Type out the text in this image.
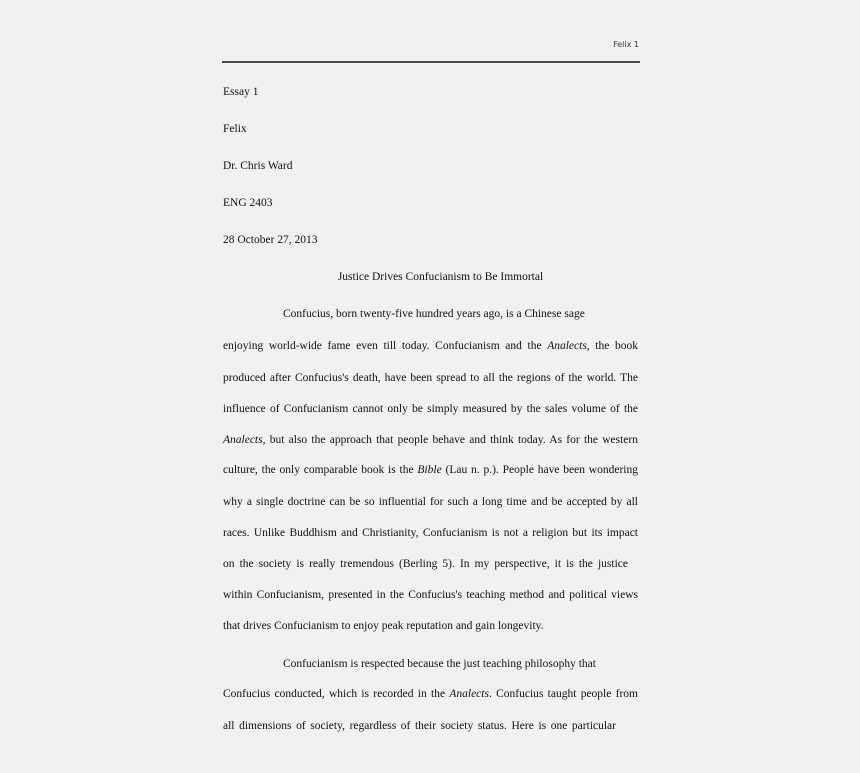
Felix 1
Essay 1
Felix
Dr. Chris Ward
ENG 2403
28 October 27, 2013
Justice Drives Confucianism to Be Immortal
Confucius, born twenty-five hundred years ago, is a Chinese sage
enjoying world-wide fame even till today. Confucianism and the Analects, the book
produced after Confucius's death, have been spread to all the regions of the world. The
influence of Confucianism cannot only be simply measured by the sales volume of the
Analects, but also the approach that people behave and think today. As for the western
culture, the only comparable book is the Bible (Lau n. p.). People have been wondering
why a single doctrine can be so influential for such a long time and be accepted by all
races. Unlike Buddhism and Christianity, Confucianism is not a religion but its impact
on the society is really tremendous (Berling 5). In my perspective, it is the justice
within Confucianism, presented in the Confucius's teaching method and political views
that drives Confucianism to enjoy peak reputation and gain longevity.
Confucianism is respected because the just teaching philosophy that
Confucius conducted, which is recorded in the Analects. Confucius taught people from
all dimensions of society, regardless of their society status. Here is one particular
